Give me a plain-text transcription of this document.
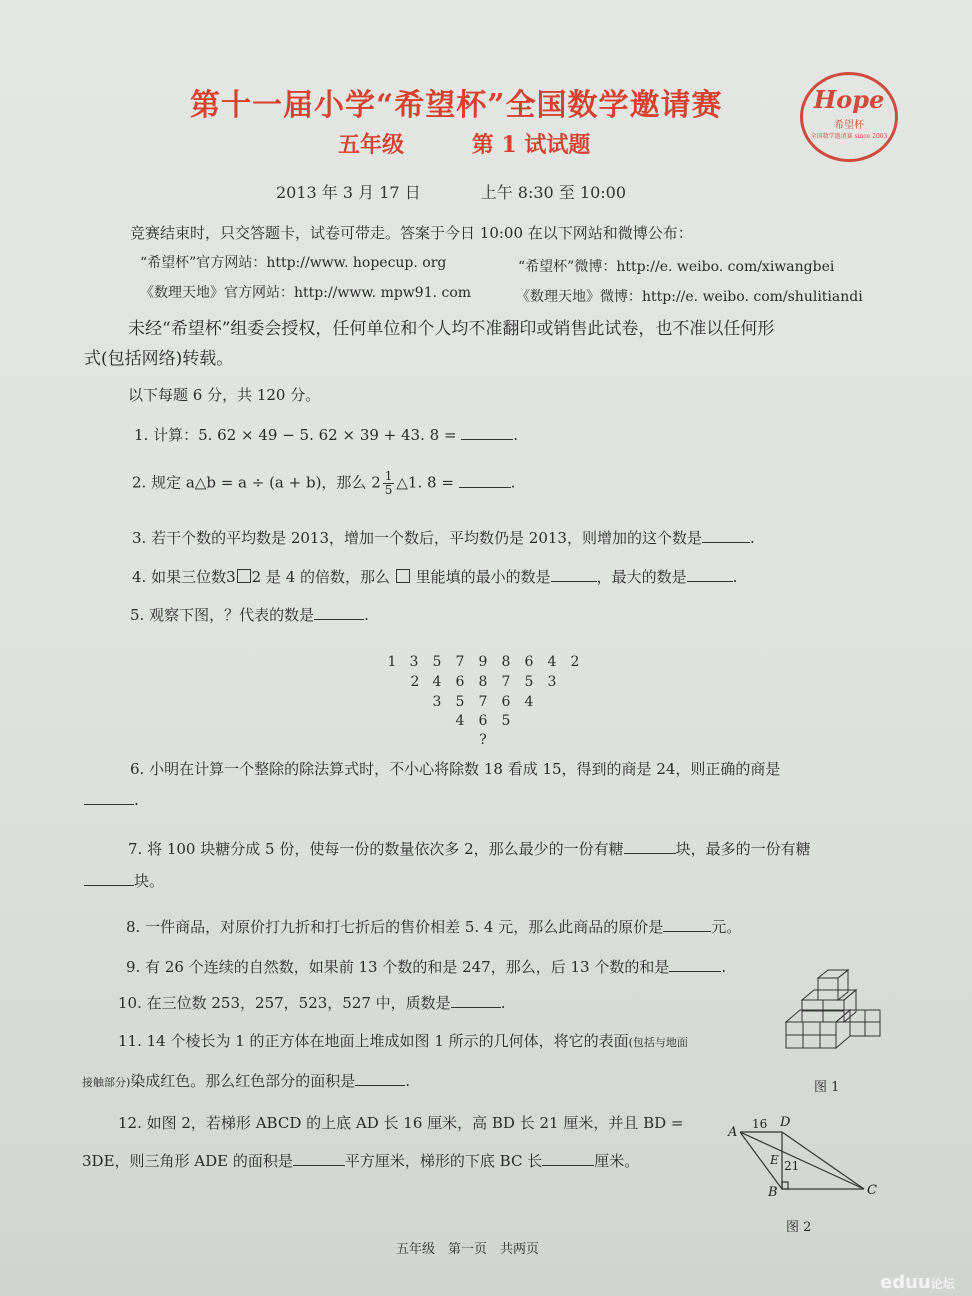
第十一届小学“希望杯”全国数学邀请赛
五年级	第 1 试试题
Hope
希望杯
全国数学邀请赛 since 2003
2013 年 3 月 17 日	上午 8:30 至 10:00
竞赛结束时，只交答题卡，试卷可带走。答案于今日 10:00 在以下网站和微博公布：
“希望杯”官方网站：http://www. hopecup. org	“希望杯”微博：http://e. weibo. com/xiwangbei
《数理天地》官方网站：http://www. mpw91. com	《数理天地》微博：http://e. weibo. com/shulitiandi
未经“希望杯”组委会授权，任何单位和个人均不准翻印或销售此试卷，也不准以任何形
式(包括网络)转载。
以下每题 6 分，共 120 分。
1. 计算：5. 62 × 49 − 5. 62 × 39 + 43. 8 =	.
2. 规定 a△b = a ÷ (a + b)，那么 $2 \frac{1}{5}$ △1. 8 =	.
3. 若干个数的平均数是 2013，增加一个数后，平均数仍是 2013，则增加的这个数是	.
4. 如果三位数3 2 是 4 的倍数，那么 里能填的最小的数是	，最大的数是	.
5. 观察下图，？代表的数是	.
1 3 5 7 9 8 6 4 2
2 4 6 8 7 5 3
3 5 7 6 4
4 6 5
?
6. 小明在计算一个整除的除法算式时，不小心将除数 18 看成 15，得到的商是 24，则正确的商是
.
7. 将 100 块糖分成 5 份，使每一份的数量依次多 2，那么最少的一份有糖	块，最多的一份有糖
块。
8. 一件商品，对原价打九折和打七折后的售价相差 5. 4 元，那么此商品的原价是	元。
9. 有 26 个连续的自然数，如果前 13 个数的和是 247，那么，后 13 个数的和是	.
10. 在三位数 253，257，523，527 中，质数是	.
11. 14 个棱长为 1 的正方体在地面上堆成如图 1 所示的几何体，将它的表面(包括与地面
接触部分)染成红色。那么红色部分的面积是	.
12. 如图 2，若梯形 ABCD 的上底 AD 长 16 厘米，高 BD 长 21 厘米，并且 BD =
3DE，则三角形 ADE 的面积是	平方厘米，梯形的下底 BC 长	厘米。
图 1
A
D
16
E 21
B	C
图 2
五年级　第一页　共两页
eduu论坛
